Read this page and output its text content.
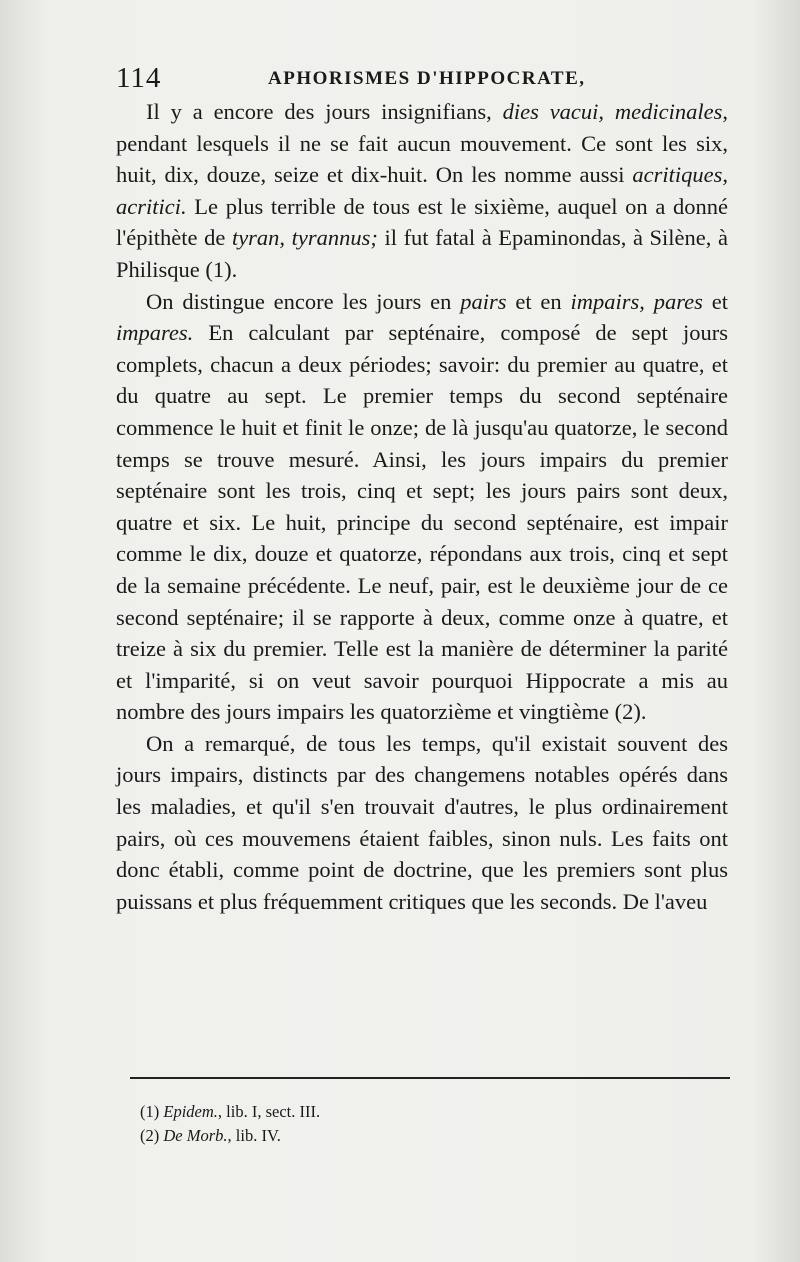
114	APHORISMES D'HIPPOCRATE,

Il y a encore des jours insignifians, dies vacui, medicinales, pendant lesquels il ne se fait aucun mouvement. Ce sont les six, huit, dix, douze, seize et dix-huit. On les nomme aussi acritiques, acritici. Le plus terrible de tous est le sixième, auquel on a donné l'épithète de tyran, tyrannus; il fut fatal à Epaminondas, à Silène, à Philisque (1).

On distingue encore les jours en pairs et en impairs, pares et impares. En calculant par septénaire, composé de sept jours complets, chacun a deux périodes; savoir: du premier au quatre, et du quatre au sept. Le premier temps du second septénaire commence le huit et finit le onze; de là jusqu'au quatorze, le second temps se trouve mesuré. Ainsi, les jours impairs du premier septénaire sont les trois, cinq et sept; les jours pairs sont deux, quatre et six. Le huit, principe du second septénaire, est impair comme le dix, douze et quatorze, répondans aux trois, cinq et sept de la semaine précédente. Le neuf, pair, est le deuxième jour de ce second septénaire; il se rapporte à deux, comme onze à quatre, et treize à six du premier. Telle est la manière de déterminer la parité et l'imparité, si on veut savoir pourquoi Hippocrate a mis au nombre des jours impairs les quatorzième et vingtième (2).

On a remarqué, de tous les temps, qu'il existait souvent des jours impairs, distincts par des changemens notables opérés dans les maladies, et qu'il s'en trouvait d'autres, le plus ordinairement pairs, où ces mouvemens étaient faibles, sinon nuls. Les faits ont donc établi, comme point de doctrine, que les premiers sont plus puissans et plus fréquemment critiques que les seconds. De l'aveu

(1) Epidem., lib. I, sect. III.

(2) De Morb., lib. IV.
